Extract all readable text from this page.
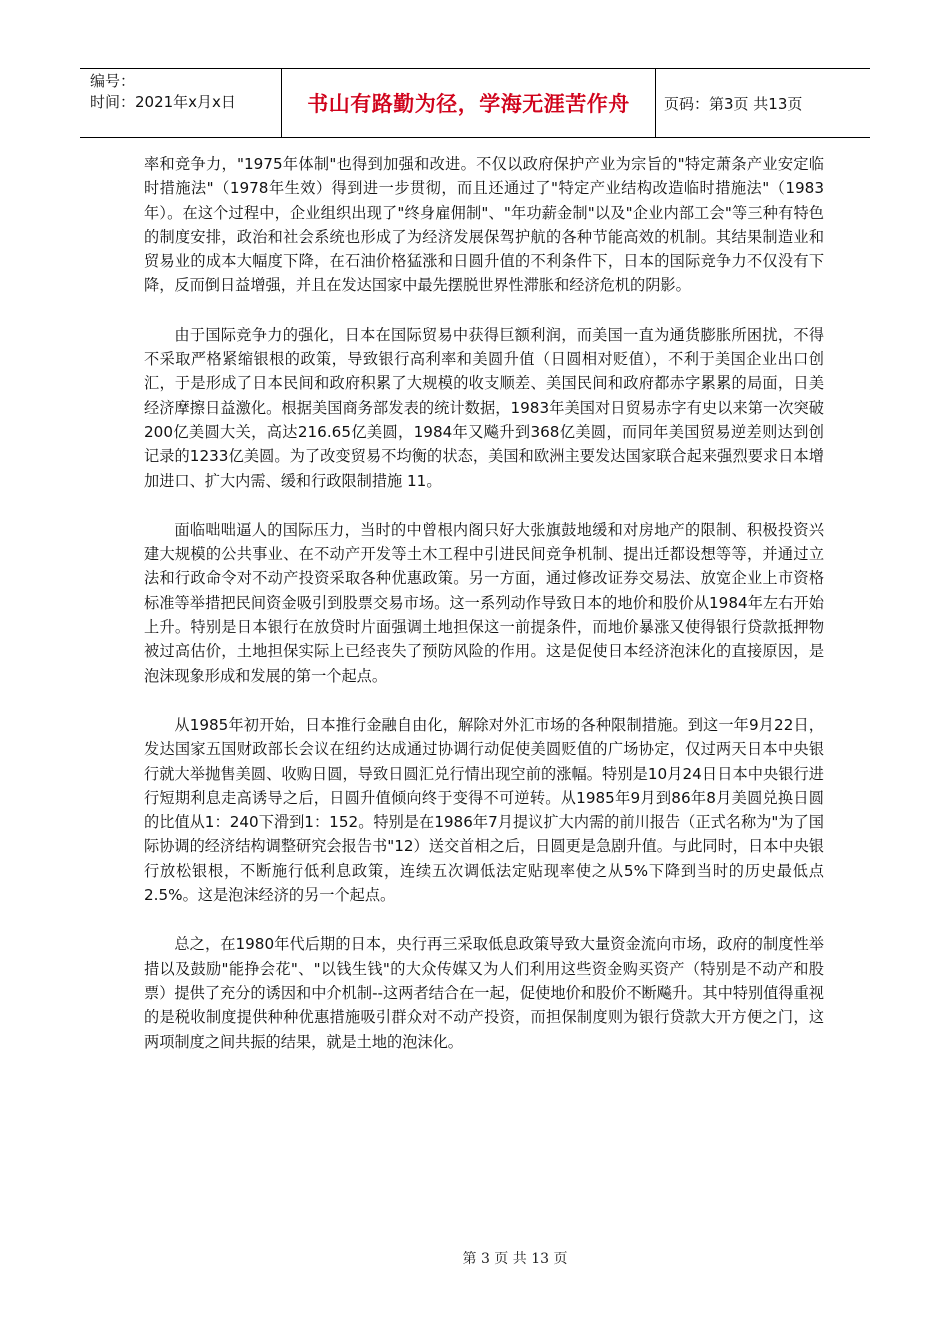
编号：
时间：2021年x月x日	书山有路勤为径，学海无涯苦作舟	页码：第3页 共13页

率和竞争力，"1975年体制"也得到加强和改进。不仅以政府保护产业为宗旨的"特定萧条产业安定临时措施法"（1978年生效）得到进一步贯彻，而且还通过了"特定产业结构改造临时措施法"（1983年）。在这个过程中，企业组织出现了"终身雇佣制"、"年功薪金制"以及"企业内部工会"等三种有特色的制度安排，政治和社会系统也形成了为经济发展保驾护航的各种节能高效的机制。其结果制造业和贸易业的成本大幅度下降，在石油价格猛涨和日圆升值的不利条件下，日本的国际竞争力不仅没有下降，反而倒日益增强，并且在发达国家中最先摆脱世界性滞胀和经济危机的阴影。

由于国际竞争力的强化，日本在国际贸易中获得巨额利润，而美国一直为通货膨胀所困扰，不得不采取严格紧缩银根的政策，导致银行高利率和美圆升值（日圆相对贬值），不利于美国企业出口创汇，于是形成了日本民间和政府积累了大规模的收支顺差、美国民间和政府都赤字累累的局面，日美经济摩擦日益激化。根据美国商务部发表的统计数据，1983年美国对日贸易赤字有史以来第一次突破200亿美圆大关，高达216.65亿美圆，1984年又飚升到368亿美圆，而同年美国贸易逆差则达到创记录的1233亿美圆。为了改变贸易不均衡的状态，美国和欧洲主要发达国家联合起来强烈要求日本增加进口、扩大内需、缓和行政限制措施 11。

面临咄咄逼人的国际压力，当时的中曾根内阁只好大张旗鼓地缓和对房地产的限制、积极投资兴建大规模的公共事业、在不动产开发等土木工程中引进民间竞争机制、提出迁都设想等等，并通过立法和行政命令对不动产投资采取各种优惠政策。另一方面，通过修改证券交易法、放宽企业上市资格标准等举措把民间资金吸引到股票交易市场。这一系列动作导致日本的地价和股价从1984年左右开始上升。特别是日本银行在放贷时片面强调土地担保这一前提条件，而地价暴涨又使得银行贷款抵押物被过高估价，土地担保实际上已经丧失了预防风险的作用。这是促使日本经济泡沫化的直接原因，是泡沫现象形成和发展的第一个起点。

从1985年初开始，日本推行金融自由化，解除对外汇市场的各种限制措施。到这一年9月22日，发达国家五国财政部长会议在纽约达成通过协调行动促使美圆贬值的广场协定，仅过两天日本中央银行就大举抛售美圆、收购日圆，导致日圆汇兑行情出现空前的涨幅。特别是10月24日日本中央银行进行短期利息走高诱导之后，日圆升值倾向终于变得不可逆转。从1985年9月到86年8月美圆兑换日圆的比值从1：240下滑到1：152。特别是在1986年7月提议扩大内需的前川报告（正式名称为"为了国际协调的经济结构调整研究会报告书"12）送交首相之后，日圆更是急剧升值。与此同时，日本中央银行放松银根，不断施行低利息政策，连续五次调低法定贴现率使之从5%下降到当时的历史最低点2.5%。这是泡沫经济的另一个起点。

总之，在1980年代后期的日本，央行再三采取低息政策导致大量资金流向市场，政府的制度性举措以及鼓励"能挣会花"、"以钱生钱"的大众传媒又为人们利用这些资金购买资产（特别是不动产和股票）提供了充分的诱因和中介机制--这两者结合在一起，促使地价和股价不断飚升。其中特别值得重视的是税收制度提供种种优惠措施吸引群众对不动产投资，而担保制度则为银行贷款大开方便之门，这两项制度之间共振的结果，就是土地的泡沫化。

第 3 页 共 13 页
